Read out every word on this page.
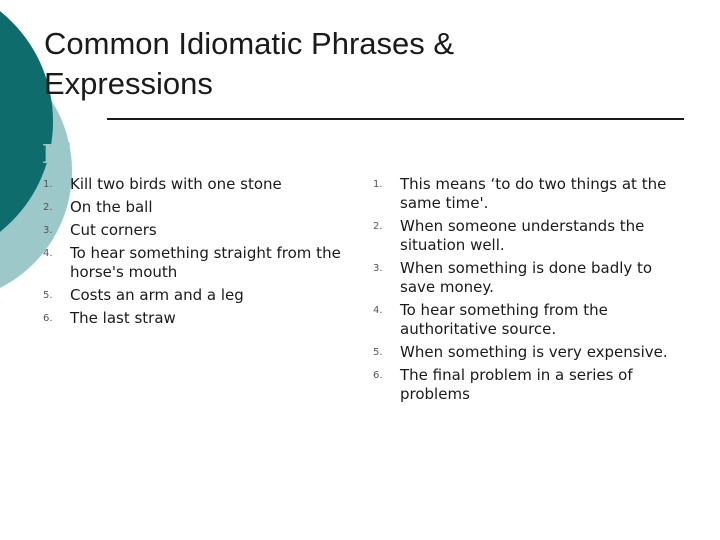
Common Idiomatic Phrases &
Expressions
Id
1. Kill two birds with one stone
2. On the ball
3. Cut corners
4. To hear something straight from the horse's mouth
5. Costs an arm and a leg
6. The last straw
1. This means ‘to do two things at the same time'.
2. When someone understands the situation well.
3. When something is done badly to save money.
4. To hear something from the authoritative source.
5. When something is very expensive.
6. The final problem in a series of problems
